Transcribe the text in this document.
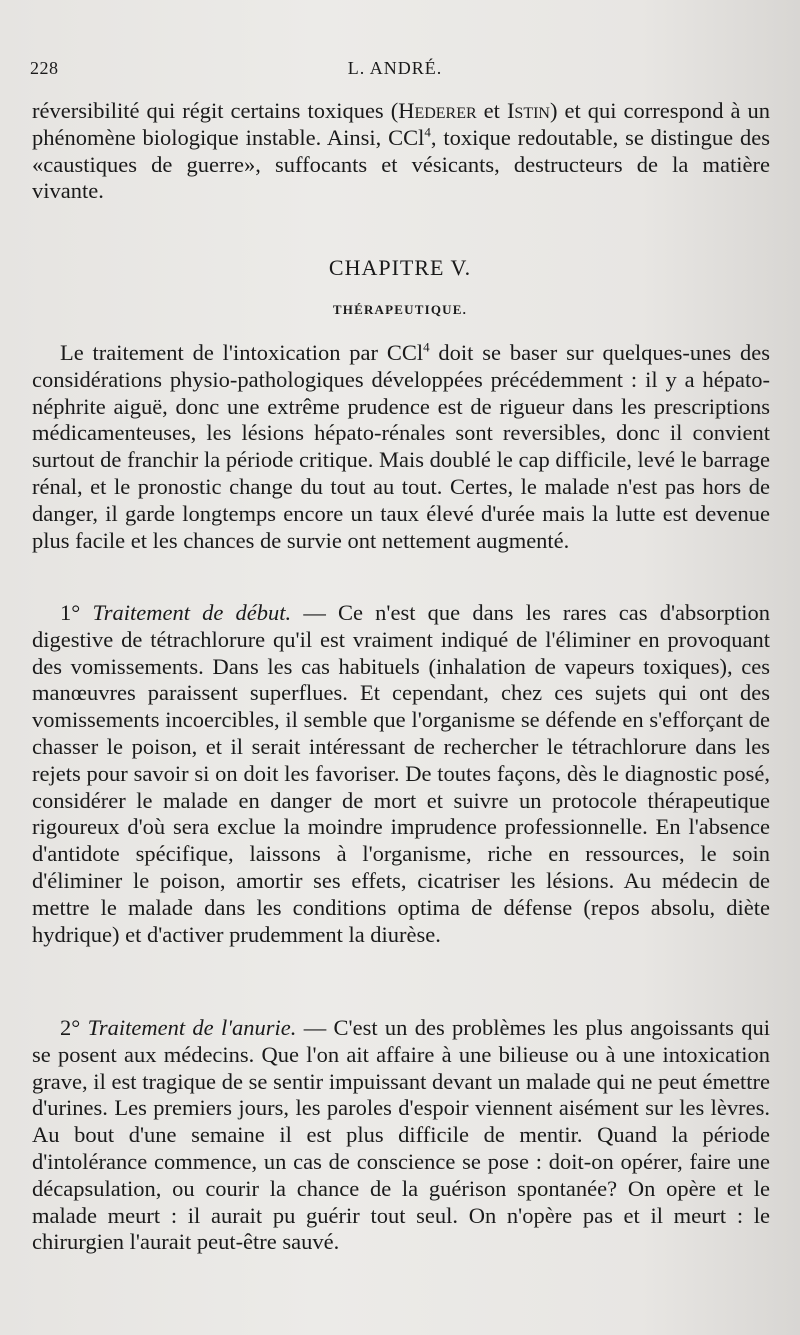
228	L. ANDRÉ.

réversibilité qui régit certains toxiques (Hederer et Istin) et qui correspond à un phénomène biologique instable. Ainsi, CCl$^4$, toxique redoutable, se distingue des «caustiques de guerre», suffocants et vésicants, destructeurs de la matière vivante.

CHAPITRE V.
THÉRAPEUTIQUE.

Le traitement de l'intoxication par CCl$^4$ doit se baser sur quelques-unes des considérations physio-pathologiques développées précédemment : il y a hépato-néphrite aiguë, donc une extrême prudence est de rigueur dans les prescriptions médicamenteuses, les lésions hépato-rénales sont reversibles, donc il convient surtout de franchir la période critique. Mais doublé le cap difficile, levé le barrage rénal, et le pronostic change du tout au tout. Certes, le malade n'est pas hors de danger, il garde longtemps encore un taux élevé d'urée mais la lutte est devenue plus facile et les chances de survie ont nettement augmenté.

1° Traitement de début. — Ce n'est que dans les rares cas d'absorption digestive de tétrachlorure qu'il est vraiment indiqué de l'éliminer en provoquant des vomissements. Dans les cas habituels (inhalation de vapeurs toxiques), ces manœuvres paraissent superflues. Et cependant, chez ces sujets qui ont des vomissements incoercibles, il semble que l'organisme se défende en s'efforçant de chasser le poison, et il serait intéressant de rechercher le tétrachlorure dans les rejets pour savoir si on doit les favoriser. De toutes façons, dès le diagnostic posé, considérer le malade en danger de mort et suivre un protocole thérapeutique rigoureux d'où sera exclue la moindre imprudence professionnelle. En l'absence d'antidote spécifique, laissons à l'organisme, riche en ressources, le soin d'éliminer le poison, amortir ses effets, cicatriser les lésions. Au médecin de mettre le malade dans les conditions optima de défense (repos absolu, diète hydrique) et d'activer prudemment la diurèse.

2° Traitement de l'anurie. — C'est un des problèmes les plus angoissants qui se posent aux médecins. Que l'on ait affaire à une bilieuse ou à une intoxication grave, il est tragique de se sentir impuissant devant un malade qui ne peut émettre d'urines. Les premiers jours, les paroles d'espoir viennent aisément sur les lèvres. Au bout d'une semaine il est plus difficile de mentir. Quand la période d'intolérance commence, un cas de conscience se pose : doit-on opérer, faire une décapsulation, ou courir la chance de la guérison spontanée? On opère et le malade meurt : il aurait pu guérir tout seul. On n'opère pas et il meurt : le chirurgien l'aurait peut-être sauvé.
